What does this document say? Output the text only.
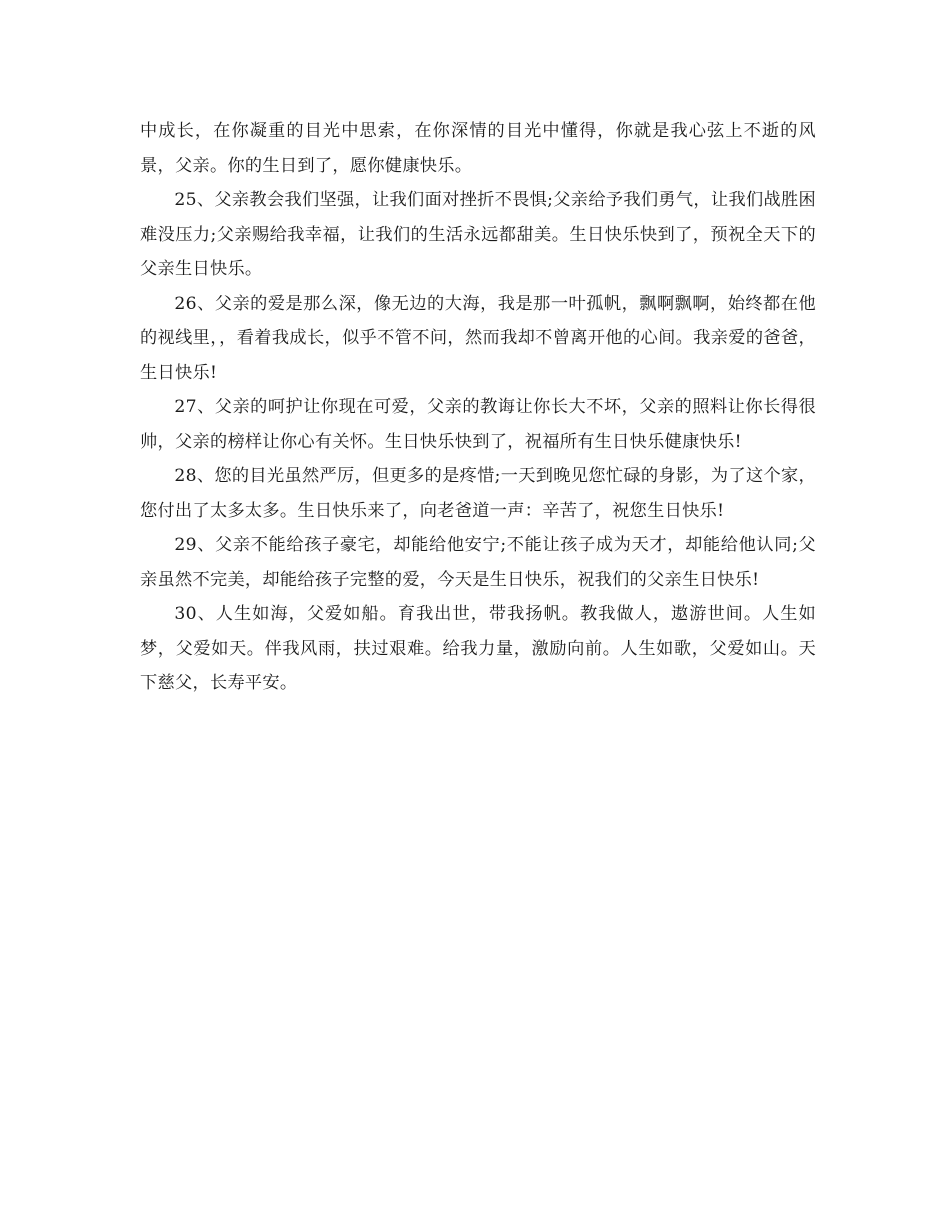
中成长，在你凝重的目光中思索，在你深情的目光中懂得，你就是我心弦上不逝的风景，父亲。你的生日到了，愿你健康快乐。

25、父亲教会我们坚强，让我们面对挫折不畏惧;父亲给予我们勇气，让我们战胜困难没压力;父亲赐给我幸福，让我们的生活永远都甜美。生日快乐快到了，预祝全天下的父亲生日快乐。

26、父亲的爱是那么深，像无边的大海，我是那一叶孤帆，飘啊飘啊，始终都在他的视线里，，看着我成长，似乎不管不问，然而我却不曾离开他的心间。我亲爱的爸爸，生日快乐!

27、父亲的呵护让你现在可爱，父亲的教诲让你长大不坏，父亲的照料让你长得很帅，父亲的榜样让你心有关怀。生日快乐快到了，祝福所有生日快乐健康快乐!

28、您的目光虽然严厉，但更多的是疼惜;一天到晚见您忙碌的身影，为了这个家，您付出了太多太多。生日快乐来了，向老爸道一声：辛苦了，祝您生日快乐!

29、父亲不能给孩子豪宅，却能给他安宁;不能让孩子成为天才，却能给他认同;父亲虽然不完美，却能给孩子完整的爱，今天是生日快乐，祝我们的父亲生日快乐!

30、人生如海，父爱如船。育我出世，带我扬帆。教我做人，遨游世间。人生如梦，父爱如天。伴我风雨，扶过艰难。给我力量，激励向前。人生如歌，父爱如山。天下慈父，长寿平安。
